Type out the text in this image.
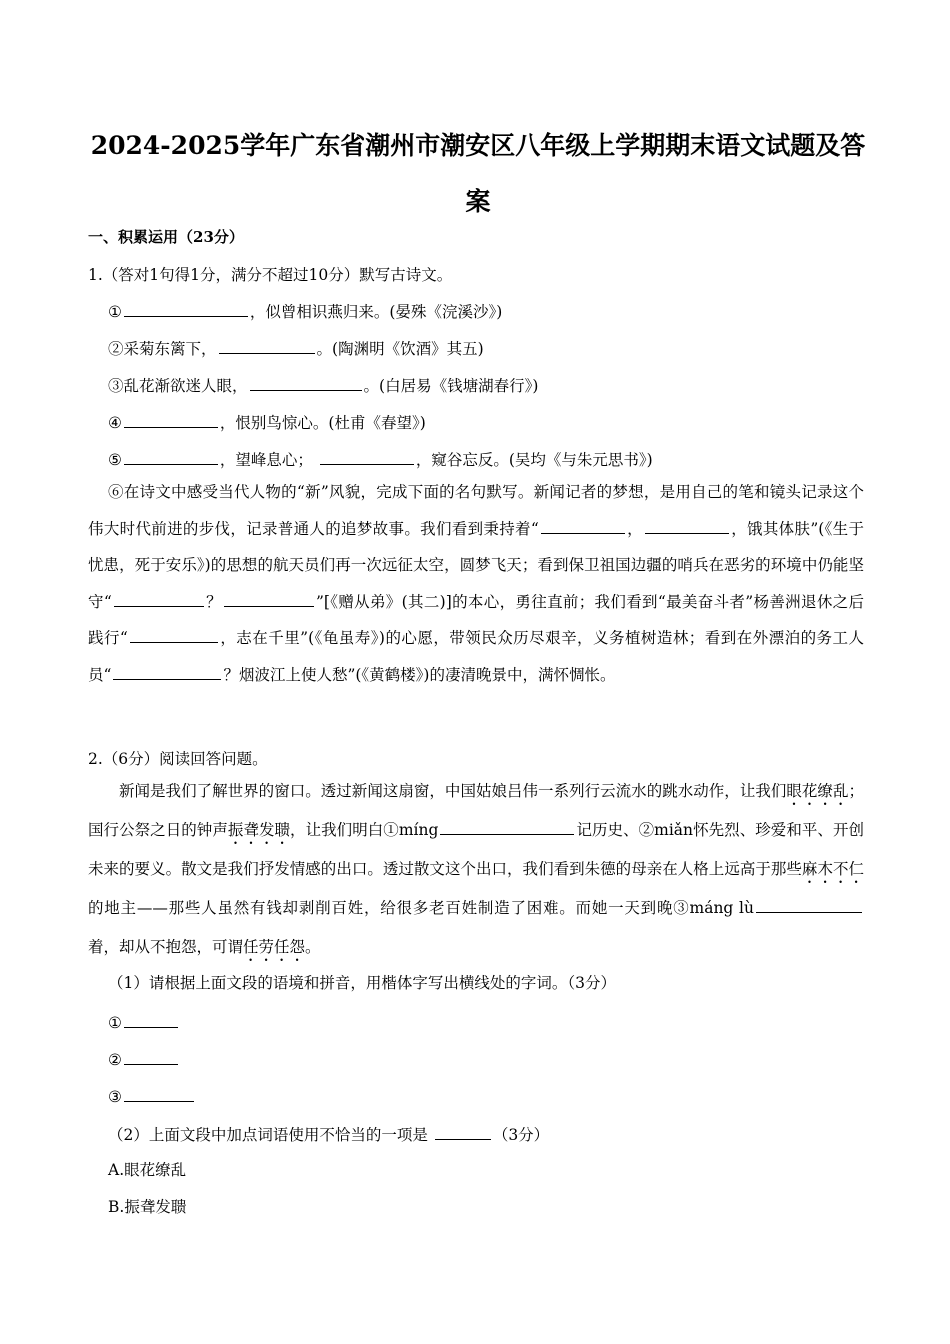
2024-2025学年广东省潮州市潮安区八年级上学期期末语文试题及答案
一、积累运用（23分）
1.（答对1句得1分，满分不超过10分）默写古诗文。
①	，似曾相识燕归来。(晏殊《浣溪沙》)
②采菊东篱下，	。(陶渊明《饮酒》其五)
③乱花渐欲迷人眼，	。(白居易《钱塘湖春行》)
④	，恨别鸟惊心。(杜甫《春望》)
⑤	，望峰息心；	，窥谷忘反。(吴均《与朱元思书》)
⑥在诗文中感受当代人物的“新”风貌，完成下面的名句默写。新闻记者的梦想，是用自己的笔和镜头记录这个伟大时代前进的步伐，记录普通人的追梦故事。我们看到秉持着“	，	，饿其体肤”(《生于忧患，死于安乐》)的思想的航天员们再一次远征太空，圆梦飞天；看到保卫祖国边疆的哨兵在恶劣的环境中仍能坚守“	？	”[《赠从弟》(其二)]的本心，勇往直前；我们看到“最美奋斗者”杨善洲退休之后践行“	，志在千里”(《龟虽寿》)的心愿，带领民众历尽艰辛，义务植树造林；看到在外漂泊的务工人员“	？烟波江上使人愁”(《黄鹤楼》)的凄清晚景中，满怀惆怅。
2.（6分）阅读回答问题。
新闻是我们了解世界的窗口。透过新闻这扇窗，中国姑娘吕伟一系列行云流水的跳水动作，让我们眼花缭乱；国行公祭之日的钟声振聋发聩，让我们明白①míng	记历史、②miǎn怀先烈、珍爱和平、开创未来的要义。散文是我们抒发情感的出口。透过散文这个出口，我们看到朱德的母亲在人格上远高于那些麻木不仁的地主——那些人虽然有钱却剥削百姓，给很多老百姓制造了困难。而她一天到晚③máng lù着，却从不抱怨，可谓任劳任怨。
（1）请根据上面文段的语境和拼音，用楷体字写出横线处的字词。（3分）
①
②
③
（2）上面文段中加点词语使用不恰当的一项是	（3分）
A.眼花缭乱
B.振聋发聩
